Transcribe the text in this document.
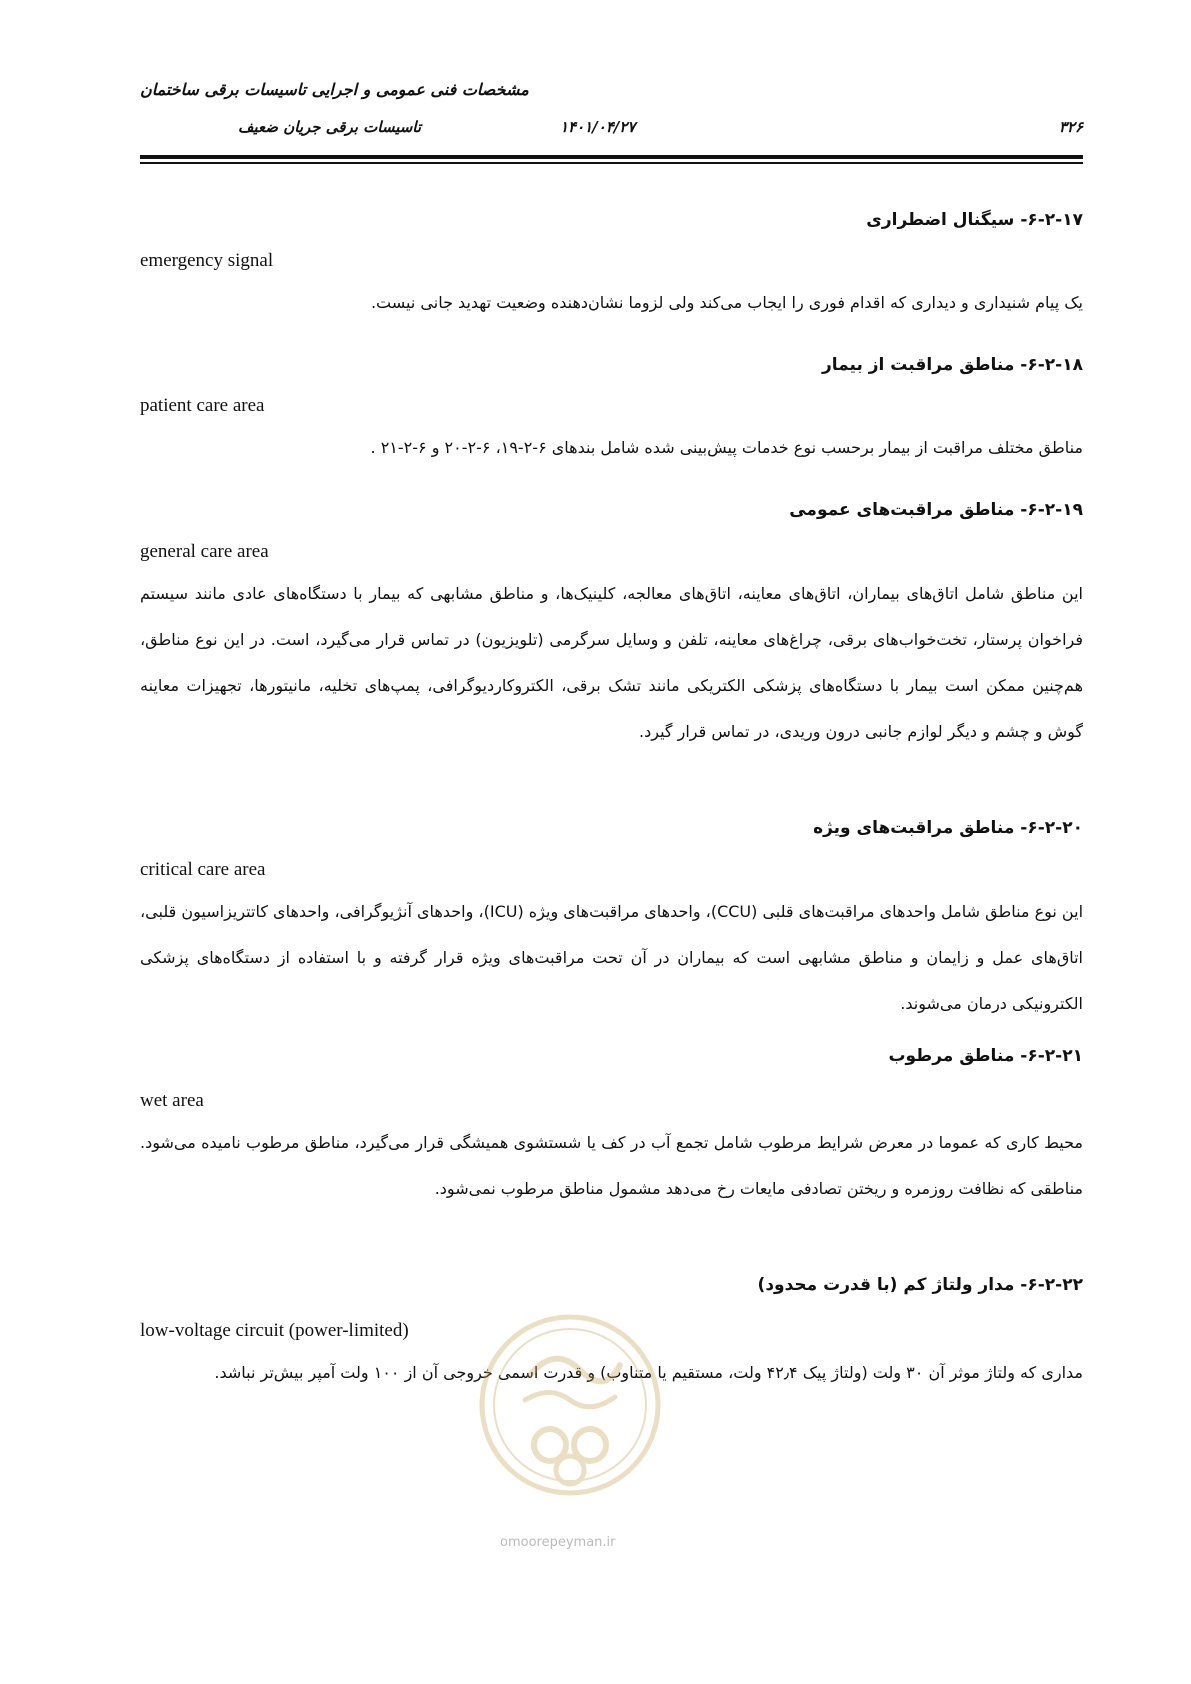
مشخصات فنی عمومی و اجرایی تاسیسات برقی ساختمان
تاسیسات برقی جریان ضعیف	۱۴۰۱/۰۴/۲۷	۳۲۶
۶-۲-۱۷- سیگنال اضطراری
emergency signal
یک پیام شنیداری و دیداری که اقدام فوری را ایجاب می‌کند ولی لزوما نشان‌دهنده وضعیت تهدید جانی نیست.
۶-۲-۱۸- مناطق مراقبت از بیمار
patient care area
مناطق مختلف مراقبت از بیمار برحسب نوع خدمات پیش‌بینی شده شامل بندهای ۶-۲-۱۹، ۶-۲-۲۰ و ۶-۲-۲۱ .
۶-۲-۱۹- مناطق مراقبت‌های عمومی
general care area
این مناطق شامل اتاق‌های بیماران، اتاق‌های معاینه، اتاق‌های معالجه، کلینیک‌ها، و مناطق مشابهی که بیمار با دستگاه‌های عادی مانند سیستم فراخوان پرستار، تخت‌خواب‌های برقی، چراغ‌های معاینه، تلفن و وسایل سرگرمی (تلویزیون) در تماس قرار می‌گیرد، است. در این نوع مناطق، هم‌چنین ممکن است بیمار با دستگاه‌های پزشکی الکتریکی مانند تشک برقی، الکتروکاردیوگرافی، پمپ‌های تخلیه، مانیتورها، تجهیزات معاینه گوش و چشم و دیگر لوازم جانبی درون وریدی، در تماس قرار گیرد.
۶-۲-۲۰- مناطق مراقبت‌های ویژه
critical care area
این نوع مناطق شامل واحدهای مراقبت‌های قلبی (CCU)، واحدهای مراقبت‌های ویژه (ICU)، واحدهای آنژیوگرافی، واحدهای کاتتریزاسیون قلبی، اتاق‌های عمل و زایمان و مناطق مشابهی است که بیماران در آن تحت مراقبت‌های ویژه قرار گرفته و با استفاده از دستگاه‌های پزشکی الکترونیکی درمان می‌شوند.
۶-۲-۲۱- مناطق مرطوب
wet area
محیط کاری که عموما در معرض شرایط مرطوب شامل تجمع آب در کف یا شستشوی همیشگی قرار می‌گیرد، مناطق مرطوب نامیده می‌شود. مناطقی که نظافت روزمره و ریختن تصادفی مایعات رخ می‌دهد مشمول مناطق مرطوب نمی‌شود.
۶-۲-۲۲- مدار ولتاژ کم (با قدرت محدود)
low-voltage circuit (power-limited)
مداری که ولتاژ موثر آن ۳۰ ولت (ولتاژ پیک ۴۲٫۴ ولت، مستقیم یا متناوب) و قدرت اسمی خروجی آن از ۱۰۰ ولت آمپر بیش‌تر نباشد.
omoorepeyman.ir
